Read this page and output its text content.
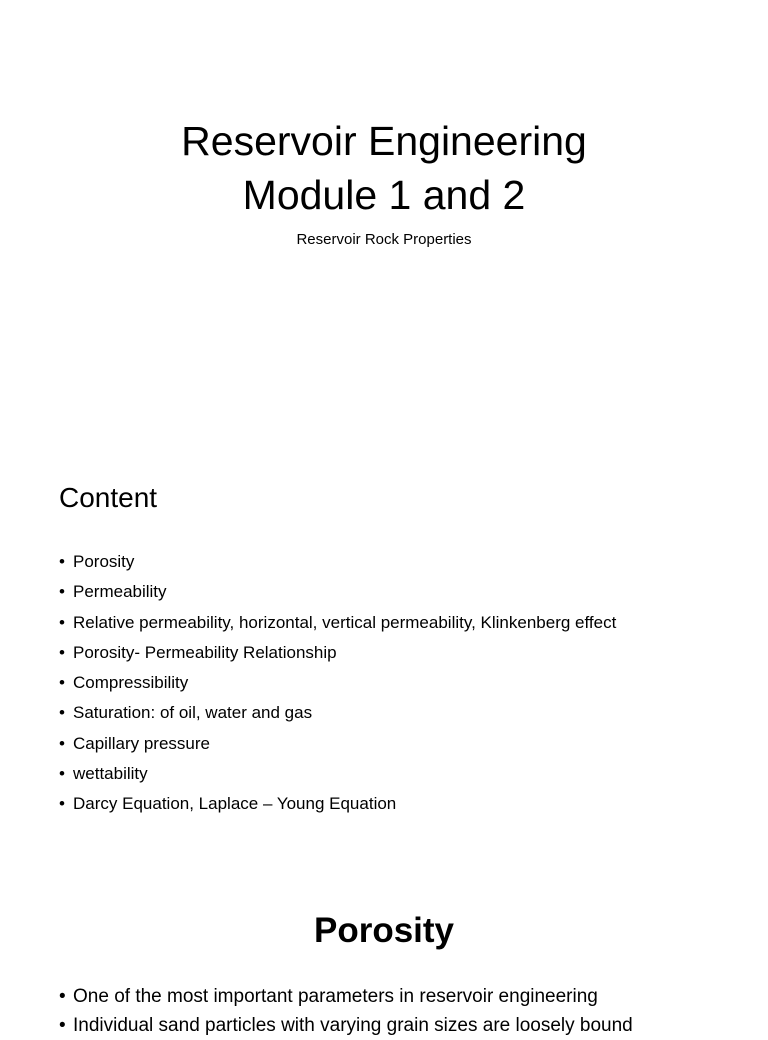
Reservoir Engineering
Module 1 and 2

Reservoir Rock Properties

Content
• Porosity
• Permeability
• Relative permeability, horizontal, vertical permeability, Klinkenberg effect
• Porosity- Permeability Relationship
• Compressibility
• Saturation: of oil, water and gas
• Capillary pressure
• wettability
• Darcy Equation, Laplace – Young Equation
Porosity
• One of the most important parameters in reservoir engineering
• Individual sand particles with varying grain sizes are loosely bound
